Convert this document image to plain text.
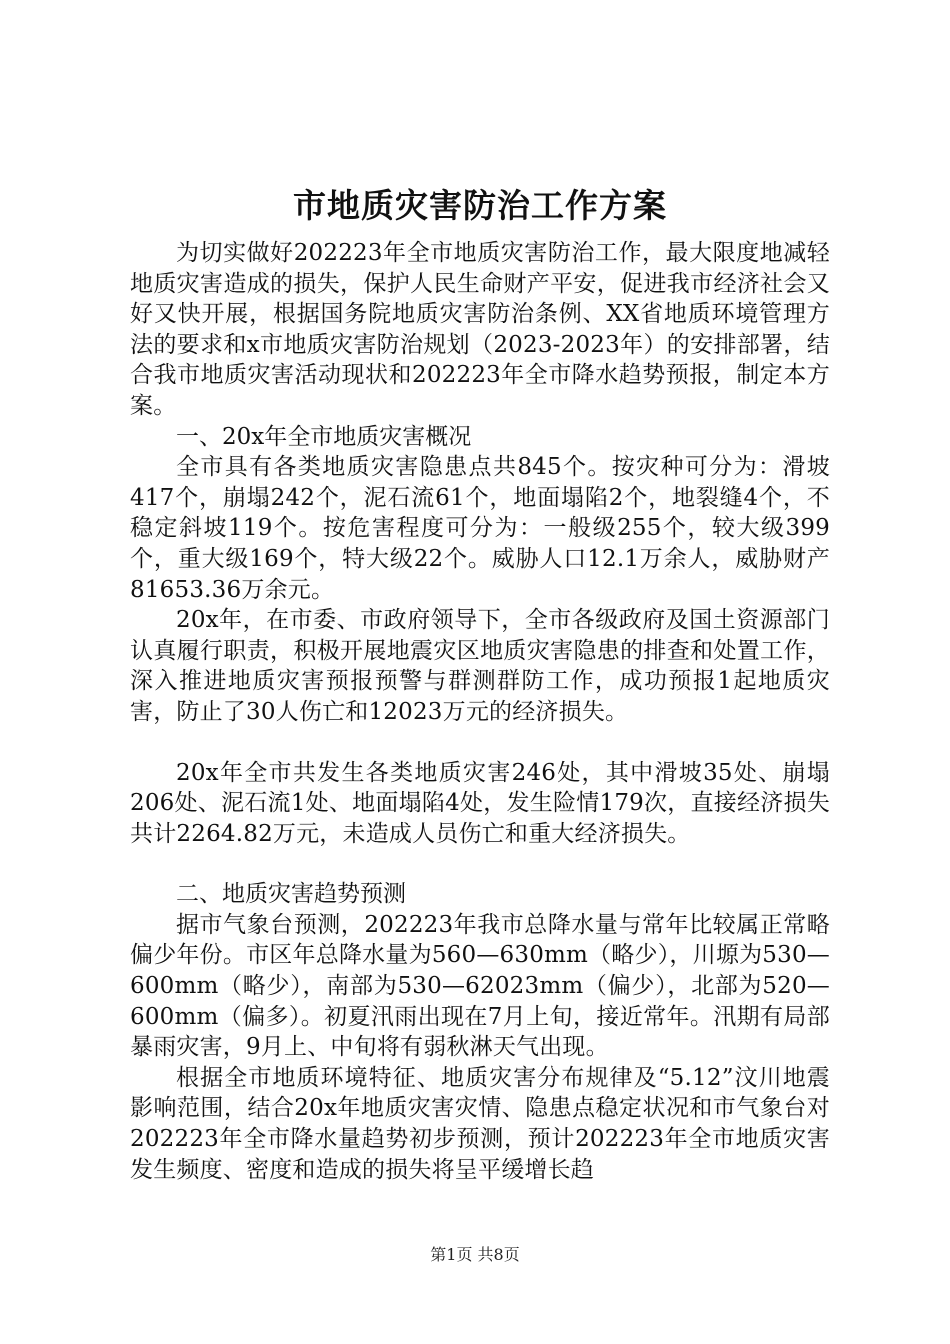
市地质灾害防治工作方案

为切实做好202223年全市地质灾害防治工作，最大限度地减轻地质灾害造成的损失，保护人民生命财产平安，促进我市经济社会又好又快开展，根据国务院地质灾害防治条例、XX省地质环境管理方法的要求和x市地质灾害防治规划（2023-2023年）的安排部署，结合我市地质灾害活动现状和202223年全市降水趋势预报，制定本方案。

一、20x年全市地质灾害概况

全市具有各类地质灾害隐患点共845个。按灾种可分为：滑坡417个，崩塌242个，泥石流61个，地面塌陷2个，地裂缝4个，不稳定斜坡119个。按危害程度可分为：一般级255个，较大级399个，重大级169个，特大级22个。威胁人口12.1万余人，威胁财产81653.36万余元。

20x年，在市委、市政府领导下，全市各级政府及国土资源部门认真履行职责，积极开展地震灾区地质灾害隐患的排查和处置工作，深入推进地质灾害预报预警与群测群防工作，成功预报1起地质灾害，防止了30人伤亡和12023万元的经济损失。

20x年全市共发生各类地质灾害246处，其中滑坡35处、崩塌206处、泥石流1处、地面塌陷4处，发生险情179次，直接经济损失共计2264.82万元，未造成人员伤亡和重大经济损失。

二、地质灾害趋势预测

据市气象台预测，202223年我市总降水量与常年比较属正常略偏少年份。市区年总降水量为560—630mm（略少），川塬为530—600mm（略少），南部为530—62023mm（偏少），北部为520—600mm（偏多）。初夏汛雨出现在7月上旬，接近常年。汛期有局部暴雨灾害，9月上、中旬将有弱秋淋天气出现。

根据全市地质环境特征、地质灾害分布规律及“5.12”汶川地震影响范围，结合20x年地质灾害灾情、隐患点稳定状况和市气象台对202223年全市降水量趋势初步预测，预计202223年全市地质灾害发生频度、密度和造成的损失将呈平缓增长趋

第1页 共8页
